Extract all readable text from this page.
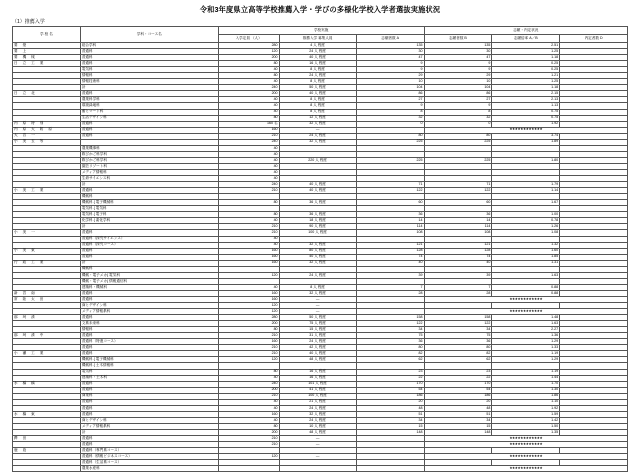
令和3年度県立高等学校推薦入学・学びの多様化学校入学者選抜実施状況
（1）推薦入学
学 校 名	学科・コース名	学校実施			志願・内定状況		
		入学定員 （人）	推薦入学 募集人員	志願者数 A	志願者数 B	志願倍率 A／B	内定者数 D
要 壁	総合学科	280	4 人 程度	135	135	2.51	
要 上	普通科	120	24 人 程度	30	30	1.25	
要 機 械	普通科	200	40 人 程度	47	47	1.18	
日 立 工 業	普通科	80	16 人 程度	9	9	0.25	
	電気科	40	8 人 程度	9	9	0.25	
	情報科	80	24 人 程度	29	29	1.21	
	情報技術科	40	8 人 程度	10	10	1.25	
	計	240	50 人 程度	104	104	1.18	
日 立 北	普通科	200	40 人 程度	86	86	2.15	
	農業科学科	40	8 人 程度	27	27	2.13	
	環境緑地科	40	8 人 程度	9	9	1.13	
	畜とマート科	40	8 人 程度	8	8	0.75	
	生活デザイン科	80	12 人 程度	32	32	0.75	
内 原 特 別	普通科	160 名	32 人 程度	0	0	1.92	
内 原 大 附 原	普通科	160	—		★★★★★★★★★★★★		
大 宮 一	普通科	210	24 人 程度	80	80	3.74	
小 美 玉 等		240	32 人 程度	225	225	1.89	
	農業機事科	40					
	鞍びかご科学科	40					
	鞍びかご科学科	40	220 人 程度	225	225	1.80	
	園芸リゾート科	40					
	メディア情報科	40					
	生命サイエンス科	40					
	計	240	40 人 程度	71	71	1.79	
小 美 工 業	普通科	210	40 人 程度	122	122	1.14	
	機械科						
	機械科 { 電子機械科	80	36 人 程度	60	60	1.67	
	電気科 { 電気科						
	電気科 { 電子科	80	36 人 程度	36	36	1.00	
	化学科 { 素化学科	40	18 人 程度	14	14	0.78	
	計	210	90 人 程度	114	114	1.26	
小 美 一	普通科	210	100 人 程度	108	108	1.08	
	普通科（探究サイエンス）	40					
	普通科（探究コース）	40	32 人 程度	121	121	1.32	
小 美 東	普通科	160	80 人 程度	128	128	1.60	
	普通科	160	40 人 程度	74	74	1.85	
行 政 工 業	計	160	32 人 程度	40	40	1.31	
	機械科						
	機械・電子メカ{ 電気科	120	24 人 程度	39	39	1.63	
	機械・電子メカ{ 情報通信科						
	建築科・機械科	40	8 人 程度	7	7	0.88	
新 宮 南	普通科	160	32 人 程度	28	28	0.88	
常 陸 太 田	普通科	160	—		★★★★★★★★★★★★		
	商とデザイン科	120	—				
	メディア情報系科	120	—		★★★★★★★★★★★★		
那 珂 湊	普通科	280	50 人 程度	158	158	1.48	
	文系未来科	200	75 人 程度	122	122	1.63	
	情報科	80	15 人 程度	34	34	2.27	
那 珂 湊 中	普通科	210	31 人 程度	75	75	1.36	
	普通科（特進コース）	160	24 人 程度	36	36	1.29	
	普通科	210	42 人 程度	80	80	1.33	
小 瀬 工 業	普通科	210	40 人 程度	82	82	1.19	
	機械科 { 電子機械科	120	48 人 程度	62	62	1.29	
	機械科 { 土木情報科						
	電気科	80	16 人 程度	23	23	1.19	
	建築科・土木科	40	16 人 程度	22	22	1.44	
水 橋 橋	普通科	240	101 人 程度	170	170	1.70	
	普通科	200	41 人 程度	54	54	1.30	
	商業科	210	100 人 程度	186	186	1.86	
	普通科	40	21 人 程度	20	20	1.10	
	普通科	40	24 人 程度	48	48	1.92	
水 橋 東	普通科	160	32 人 程度	51	51	1.59	
	商とデザイン科	40	24 人 程度	34	34	1.42	
	メディア情報系科	80	10 人 程度	15	15	1.50	
	計	200	48 人 程度	148	148	1.35	
鉾 田	普通科	210	—		★★★★★★★★★★★★		
	普通科	210	—		★★★★★★★★★★★★		
鹿 島	普通科（専門系コース）						
	普通科（情報ビジネスコース）	120	—		★★★★★★★★★★★★		
	普通科（生活系コース）						
	農業水産科				★★★★★★★★★★★★		
